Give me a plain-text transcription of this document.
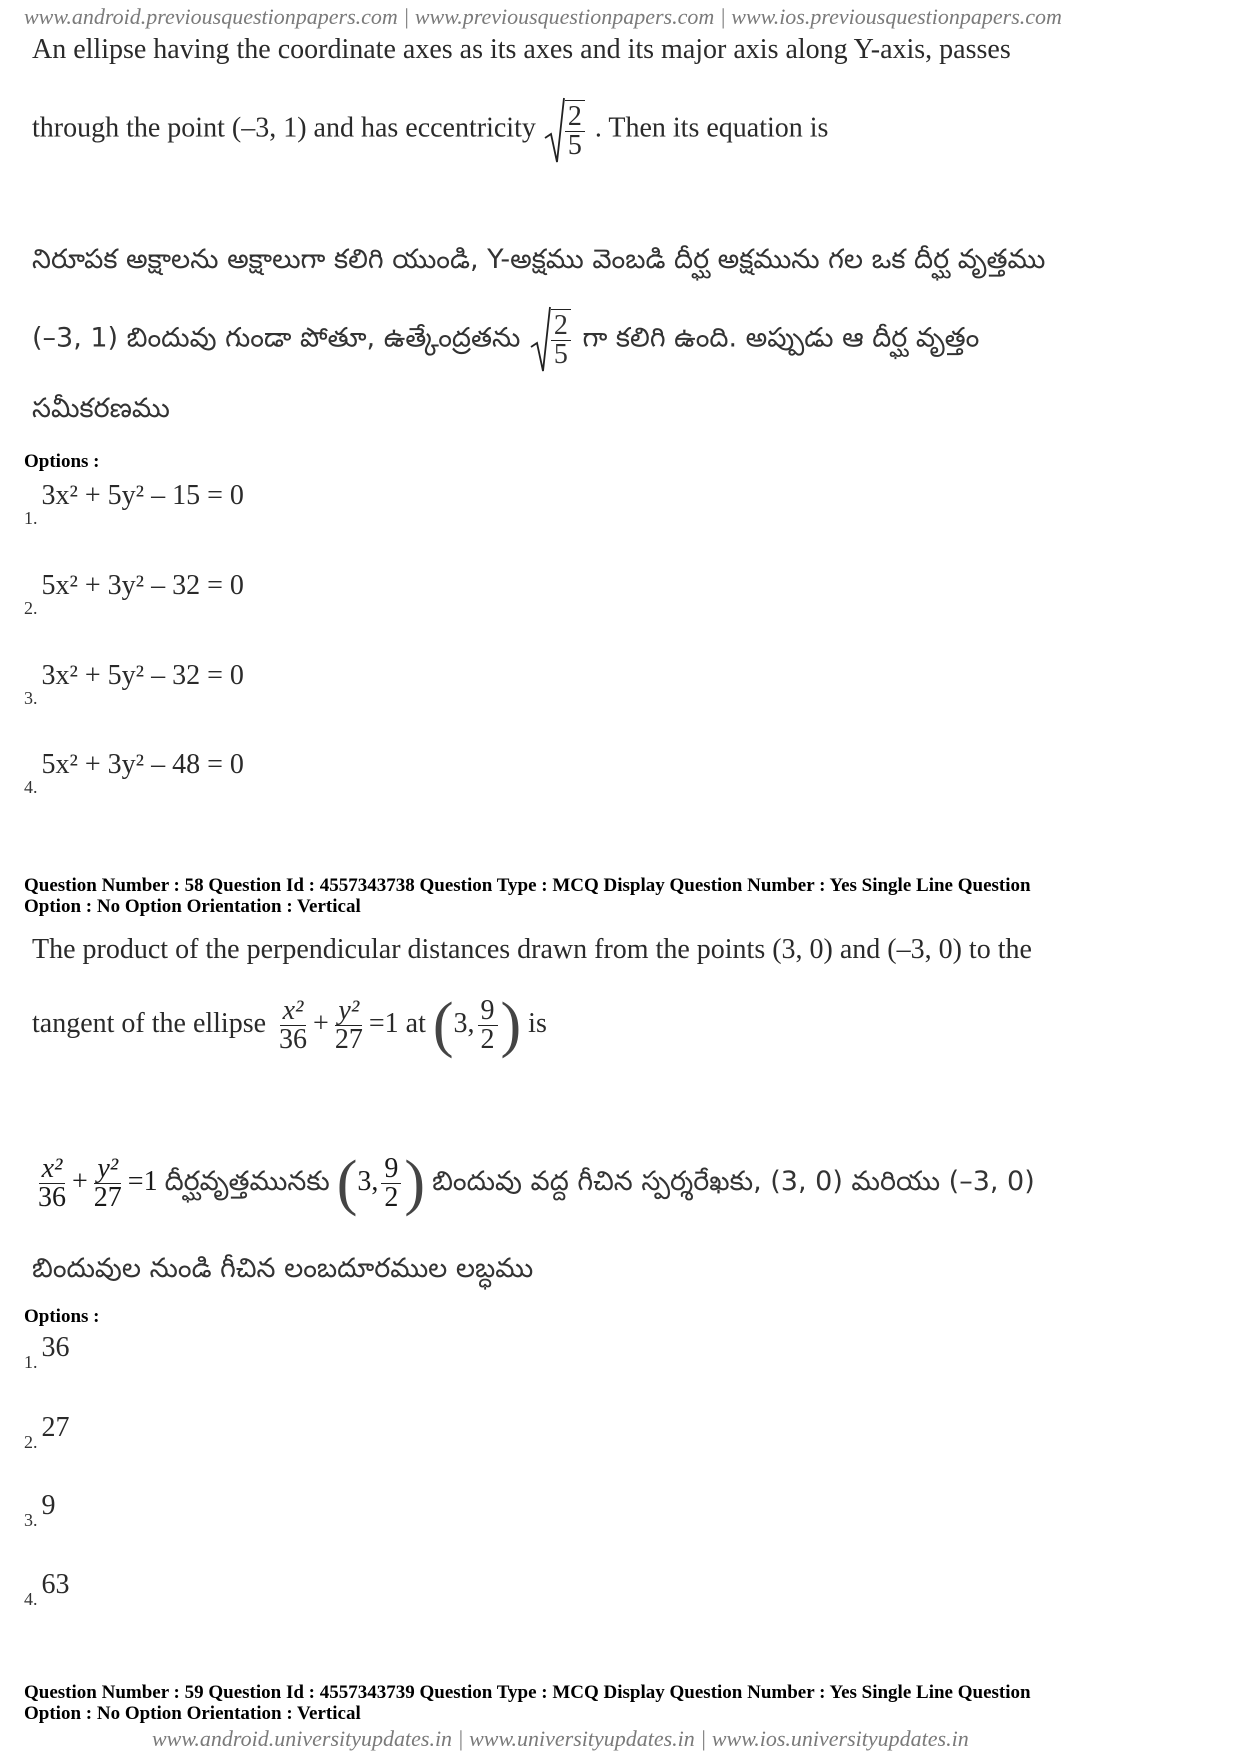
www.android.previousquestionpapers.com | www.previousquestionpapers.com | www.ios.previousquestionpapers.com
An ellipse having the coordinate axes as its axes and its major axis along Y-axis, passes
through the point (–3, 1) and has eccentricity $\frac{2}{5}$ . Then its equation is
నిరూపక అక్షాలను అక్షాలుగా కలిగి యుండి, Y-అక్షము వెంబడి దీర్ఘ అక్షమును గల ఒక దీర్ఘ వృత్తము
(–3, 1) బిందువు గుండా పోతూ, ఉత్కేంద్రతను $\frac{2}{5}$ గా కలిగి ఉంది. అప్పుడు ఆ దీర్ఘ వృత్తం
సమీకరణము
Options :
1. 3x² + 5y² – 15 = 0
2. 5x² + 3y² – 32 = 0
3. 3x² + 5y² – 32 = 0
4. 5x² + 3y² – 48 = 0
Question Number : 58 Question Id : 4557343738 Question Type : MCQ Display Question Number : Yes Single Line Question
Option : No Option Orientation : Vertical
The product of the perpendicular distances drawn from the points (3, 0) and (–3, 0) to the
tangent of the ellipse $\frac{\text{x²}}{36} + \frac{\text{y²}}{27} =1$ at (3, $\frac{9}{2}$ ) is
$\frac{\text{x²}}{36} + \frac{\text{y²}}{27} =1$ దీర్ఘవృత్తమునకు (3, $\frac{9}{2}$ ) బిందువు వద్ద గీచిన స్పర్శరేఖకు, (3, 0) మరియు (–3, 0)
బిందువుల నుండి గీచిన లంబదూరముల లబ్ధము
Options :
1. 36
2. 27
3. 9
4. 63
Question Number : 59 Question Id : 4557343739 Question Type : MCQ Display Question Number : Yes Single Line Question
Option : No Option Orientation : Vertical
www.android.universityupdates.in | www.universityupdates.in | www.ios.universityupdates.in
